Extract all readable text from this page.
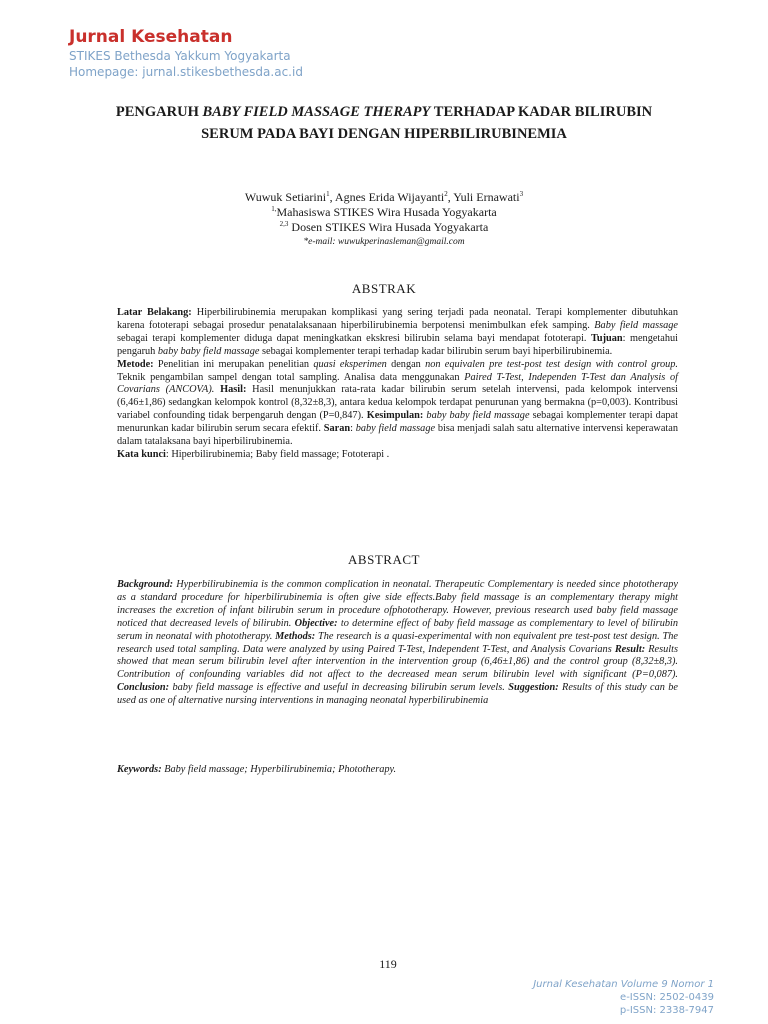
Jurnal Kesehatan
STIKES Bethesda Yakkum Yogyakarta
Homepage: jurnal.stikesbethesda.ac.id
PENGARUH BABY FIELD MASSAGE THERAPY TERHADAP KADAR BILIRUBIN SERUM PADA BAYI DENGAN HIPERBILIRUBINEMIA
Wuwuk Setiarini$^1$, Agnes Erida Wijayanti$^2$, Yuli Ernawati$^3$
$^{1,}$Mahasiswa STIKES Wira Husada Yogyakarta
$^{2,3}$ Dosen STIKES Wira Husada Yogyakarta
*e-mail: wuwukperinasleman@gmail.com
ABSTRAK
Latar Belakang: Hiperbilirubinemia merupakan komplikasi yang sering terjadi pada neonatal. Terapi komplementer dibutuhkan karena fototerapi sebagai prosedur penatalaksanaan hiperbilirubinemia berpotensi menimbulkan efek samping. Baby field massage sebagai terapi komplementer diduga dapat meningkatkan ekskresi bilirubin selama bayi mendapat fototerapi. Tujuan: mengetahui pengaruh baby baby field massage sebagai komplementer terapi terhadap kadar bilirubin serum bayi hiperbilirubinemia.
Metode: Penelitian ini merupakan penelitian quasi eksperimen dengan non equivalen pre test-post test design with control group. Teknik pengambilan sampel dengan total sampling. Analisa data menggunakan Paired T-Test, Independen T-Test dan Analysis of Covarians (ANCOVA). Hasil: Hasil menunjukkan rata-rata kadar bilirubin serum setelah intervensi, pada kelompok intervensi (6,46±1,86) sedangkan kelompok kontrol (8,32±8,3), antara kedua kelompok terdapat penurunan yang bermakna (p=0,003). Kontribusi variabel confounding tidak berpengaruh dengan (P=0,847). Kesimpulan: baby baby field massage sebagai komplementer terapi dapat menurunkan kadar bilirubin serum secara efektif. Saran: baby field massage bisa menjadi salah satu alternative intervensi keperawatan dalam tatalaksana bayi hiperbilirubinemia.
Kata kunci: Hiperbilirubinemia; Baby field massage; Fototerapi .
ABSTRACT
Background: Hyperbilirubinemia is the common complication in neonatal. Therapeutic Complementary is needed since phototherapy as a standard procedure for hiperbilirubinemia is often give side effects.Baby field massage is an complementary therapy might increases the excretion of infant bilirubin serum in procedure ofphototherapy. However, previous research used baby field massage noticed that decreased levels of bilirubin. Objective: to determine effect of baby field massage as complementary to level of bilirubin serum in neonatal with phototherapy. Methods: The research is a quasi-experimental with non equivalent pre test-post test design. The research used total sampling. Data were analyzed by using Paired T-Test, Independent T-Test, and Analysis Covarians Result: Results showed that mean serum bilirubin level after intervention in the intervention group (6,46±1,86) and the control group (8,32±8,3). Contribution of confounding variables did not affect to the decreased mean serum bilirubin level with significant (P=0,087). Conclusion: baby field massage is effective and useful in decreasing bilirubin serum levels. Suggestion: Results of this study can be used as one of alternative nursing interventions in managing neonatal hyperbilirubinemia
Keywords: Baby field massage; Hyperbilirubinemia; Phototherapy.
119
Jurnal Kesehatan Volume 9 Nomor 1
e-ISSN: 2502-0439
p-ISSN: 2338-7947
